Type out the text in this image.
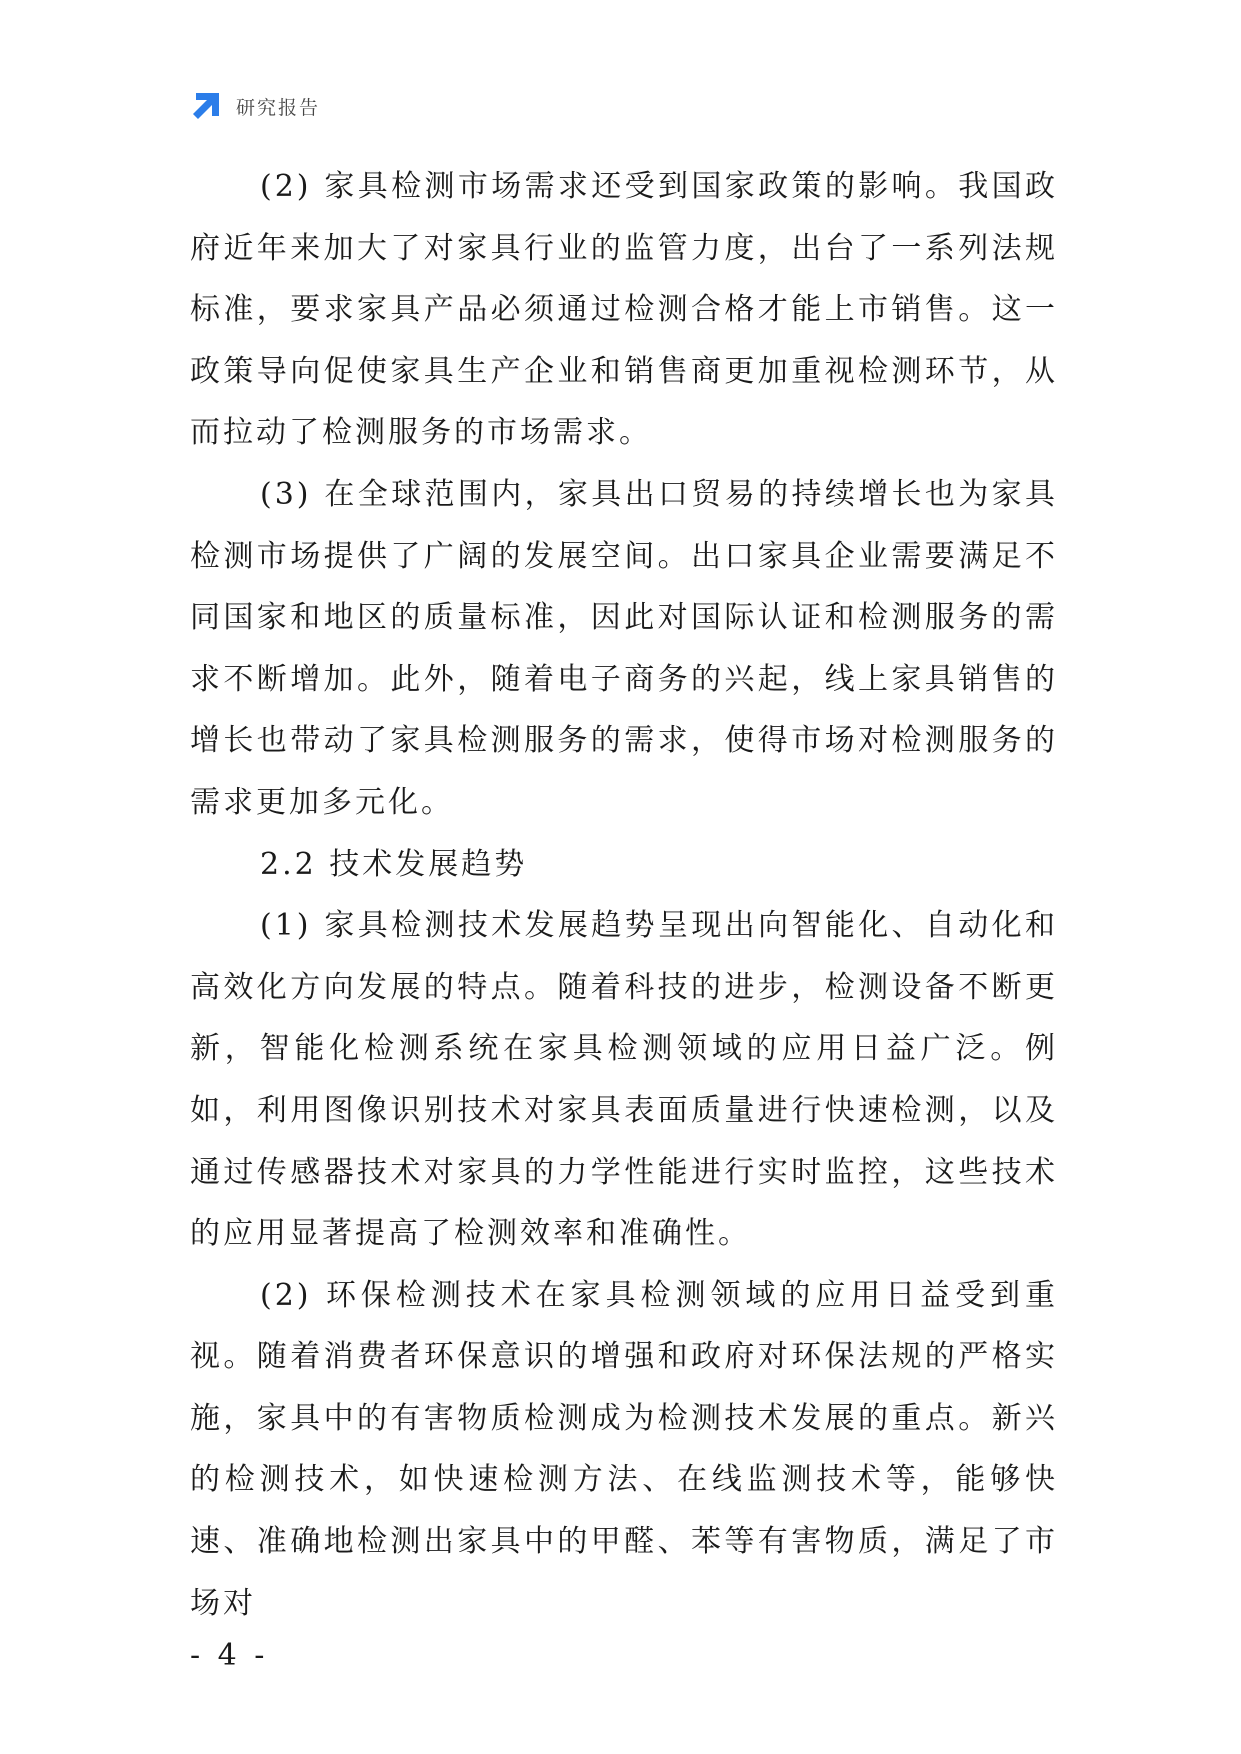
研究报告

(2) 家具检测市场需求还受到国家政策的影响。我国政府近年来加大了对家具行业的监管力度，出台了一系列法规标准，要求家具产品必须通过检测合格才能上市销售。这一政策导向促使家具生产企业和销售商更加重视检测环节，从而拉动了检测服务的市场需求。

(3) 在全球范围内，家具出口贸易的持续增长也为家具检测市场提供了广阔的发展空间。出口家具企业需要满足不同国家和地区的质量标准，因此对国际认证和检测服务的需求不断增加。此外，随着电子商务的兴起，线上家具销售的增长也带动了家具检测服务的需求，使得市场对检测服务的需求更加多元化。

2.2 技术发展趋势

(1) 家具检测技术发展趋势呈现出向智能化、自动化和高效化方向发展的特点。随着科技的进步，检测设备不断更新，智能化检测系统在家具检测领域的应用日益广泛。例如，利用图像识别技术对家具表面质量进行快速检测，以及通过传感器技术对家具的力学性能进行实时监控，这些技术的应用显著提高了检测效率和准确性。

(2) 环保检测技术在家具检测领域的应用日益受到重视。随着消费者环保意识的增强和政府对环保法规的严格实施，家具中的有害物质检测成为检测技术发展的重点。新兴的检测技术，如快速检测方法、在线监测技术等，能够快速、准确地检测出家具中的甲醛、苯等有害物质，满足了市场对

- 4 -
